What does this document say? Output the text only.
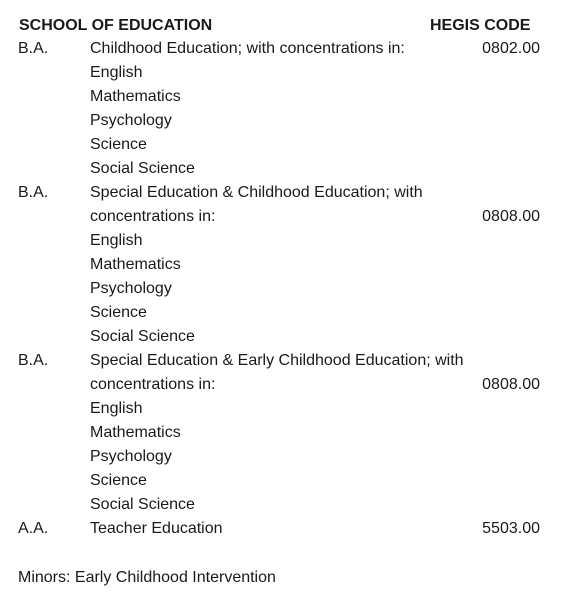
SCHOOL OF EDUCATION	HEGIS CODE
B.A.	Childhood Education; with concentrations in:	0802.00
English
Mathematics
Psychology
Science
Social Science
B.A.	Special Education & Childhood Education; with
concentrations in:	0808.00
English
Mathematics
Psychology
Science
Social Science
B.A.	Special Education & Early Childhood Education; with
concentrations in:	0808.00
English
Mathematics
Psychology
Science
Social Science
A.A.	Teacher Education	5503.00
Minors: Early Childhood Intervention
